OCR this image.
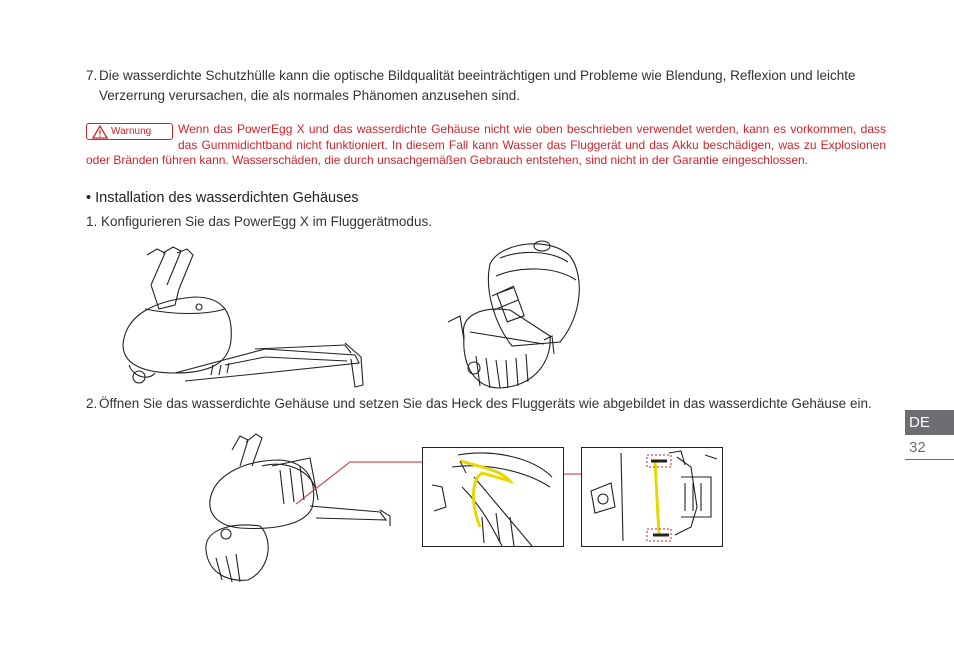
7. Die wasserdichte Schutzhülle kann die optische Bildqualität beeinträchtigen und Probleme wie Blendung, Reflexion und leichte Verzerrung verursachen, die als normales Phänomen anzusehen sind.
Warnung Wenn das PowerEgg X und das wasserdichte Gehäuse nicht wie oben beschrieben verwendet werden, kann es vorkommen, dass das Gummidichtband nicht funktioniert. In diesem Fall kann Wasser das Fluggerät und das Akku beschädigen, was zu Explosionen oder Bränden führen kann. Wasserschäden, die durch unsachgemäßen Gebrauch entstehen, sind nicht in der Garantie eingeschlossen.
• Installation des wasserdichten Gehäuses
1. Konfigurieren Sie das PowerEgg X im Fluggerätmodus.
2. Öffnen Sie das wasserdichte Gehäuse und setzen Sie das Heck des Fluggeräts wie abgebildet in das wasserdichte Gehäuse ein.
DE
32
